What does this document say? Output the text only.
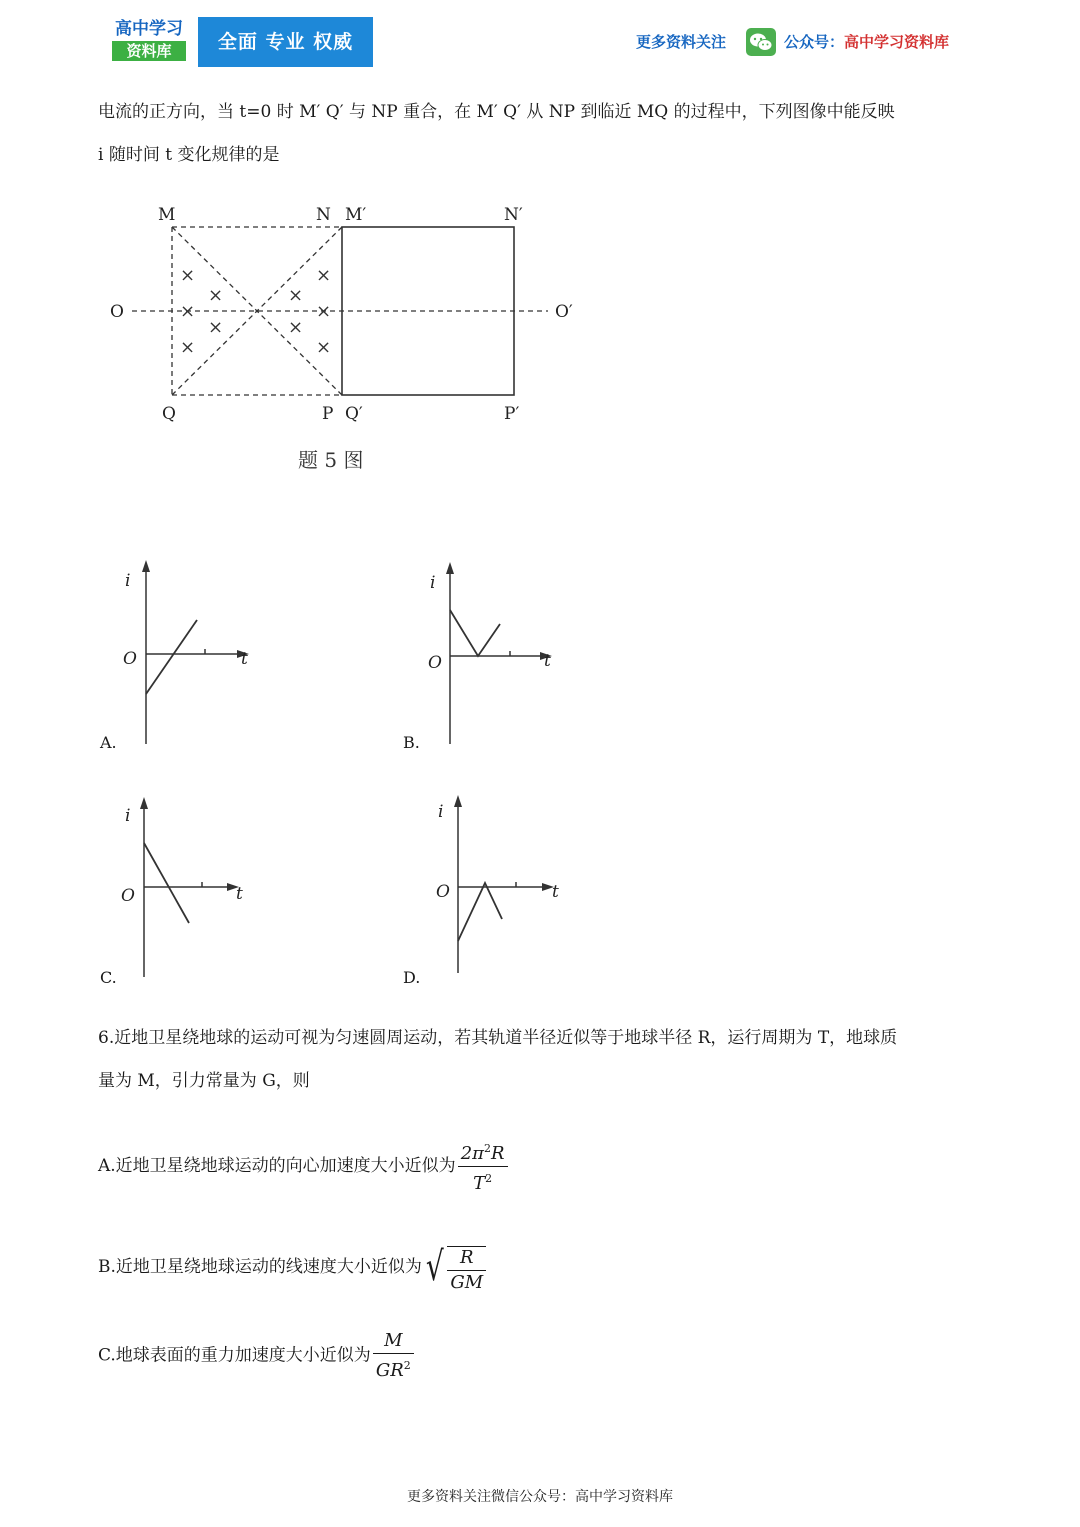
高中学习
资料库	全面 专业 权威	更多资料关注	公众号：高中学习资料库
电流的正方向，当 t=0 时 M′ Q′ 与 NP 重合，在 M′ Q′ 从 NP 到临近 MQ 的过程中，下列图像中能反映
i 随时间 t 变化规律的是
M	N M′	N′
Q	P Q′	P′
O	O′
×
×
×
×
×
×
×
×
×
×
题 5 图
i
t
O
A.
i
t
O
B.
i
t
O
C.
i
t
O
D.
6.近地卫星绕地球的运动可视为匀速圆周运动，若其轨道半径近似等于地球半径 R，运行周期为 T，地球质
量为 M，引力常量为 G，则
A.近地卫星绕地球运动的向心加速度大小近似为 $\frac{2\pi^2R}{T^2}$
B.近地卫星绕地球运动的线速度大小近似为 √ $\frac{R}{GM}$
C.地球表面的重力加速度大小近似为 $\frac{M}{GR^2}$
更多资料关注微信公众号：高中学习资料库
